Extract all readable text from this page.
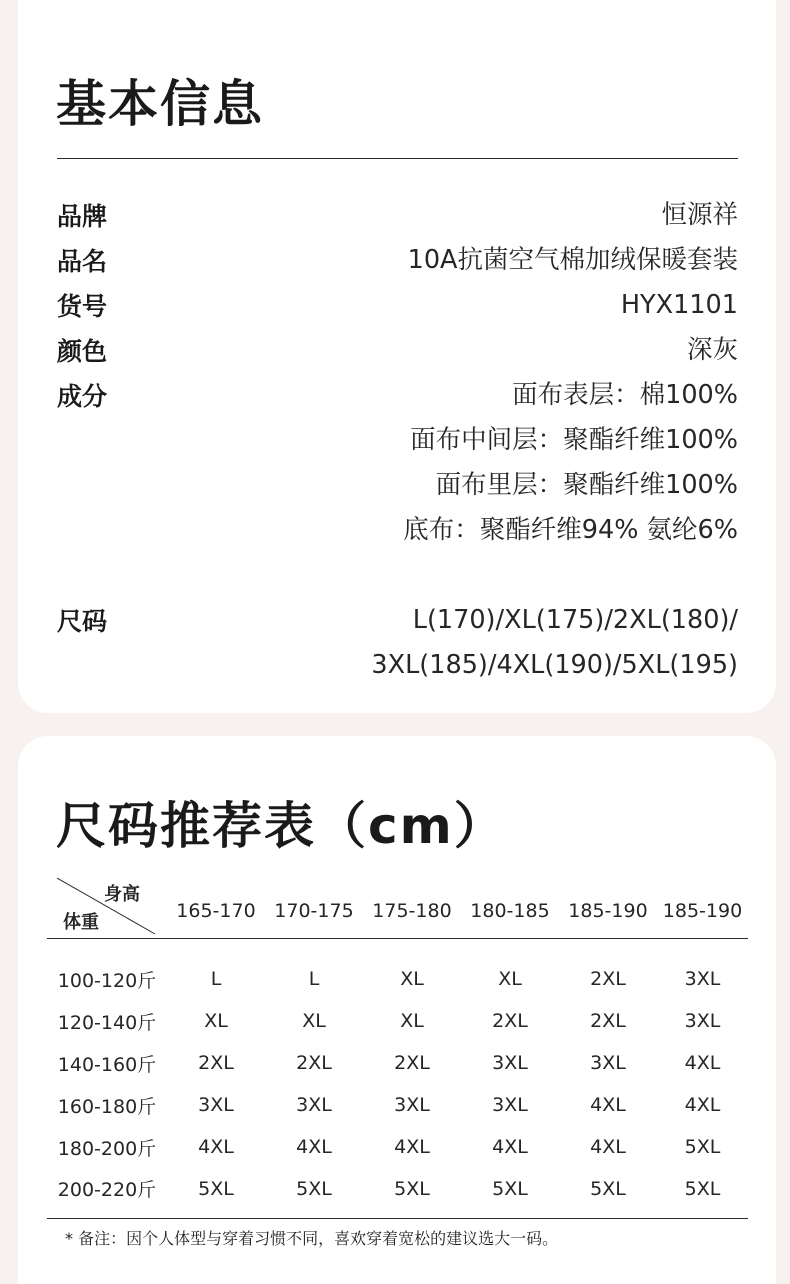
基本信息
品牌	恒源祥
品名	10A抗菌空气棉加绒保暖套装
货号	HYX1101
颜色	深灰
成分	面布表层：棉100%
面布中间层：聚酯纤维100%
面布里层：聚酯纤维100%
底布：聚酯纤维94% 氨纶6%
尺码	L(170)/XL(175)/2XL(180)/
3XL(185)/4XL(190)/5XL(195)
尺码推荐表（cm）
身高
体重	165-170	170-175	175-180	180-185	185-190	185-190
100-120斤	L	L	XL	XL	2XL	3XL
120-140斤	XL	XL	XL	2XL	2XL	3XL
140-160斤	2XL	2XL	2XL	3XL	3XL	4XL
160-180斤	3XL	3XL	3XL	3XL	4XL	4XL
180-200斤	4XL	4XL	4XL	4XL	4XL	5XL
200-220斤	5XL	5XL	5XL	5XL	5XL	5XL
* 备注：因个人体型与穿着习惯不同，喜欢穿着宽松的建议选大一码。
